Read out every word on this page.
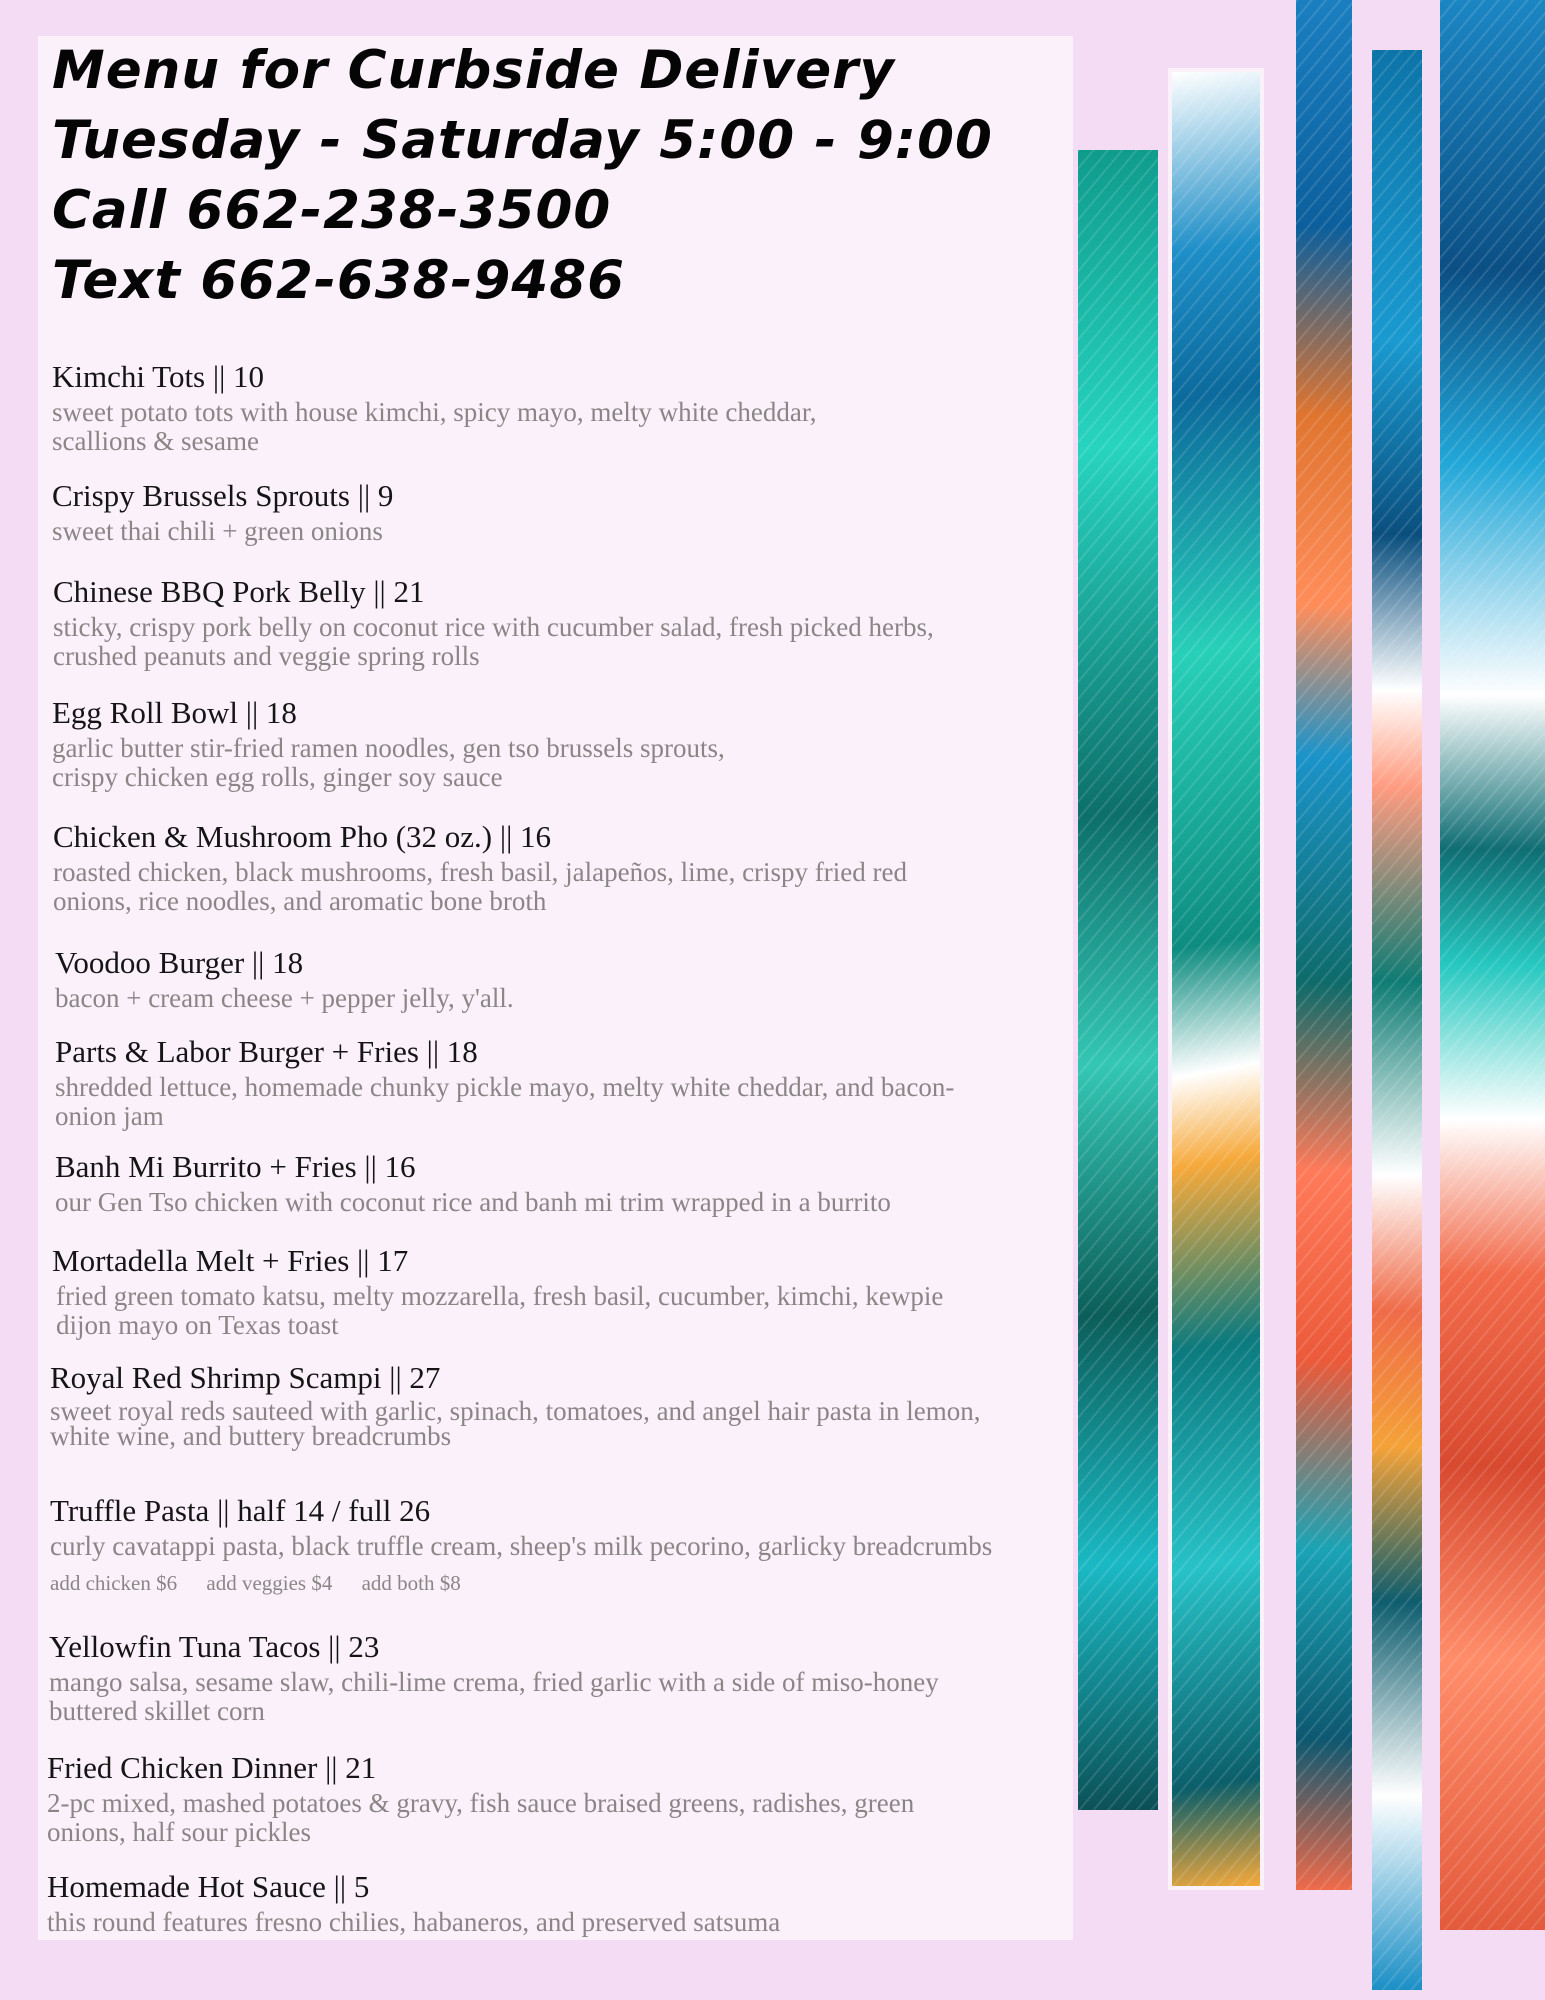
Menu for Curbside Delivery
Tuesday - Saturday 5:00 - 9:00
Call 662-238-3500
Text 662-638-9486
Kimchi Tots || 10
sweet potato tots with house kimchi, spicy mayo, melty white cheddar,
scallions & sesame
Crispy Brussels Sprouts || 9
sweet thai chili + green onions
Chinese BBQ Pork Belly || 21
sticky, crispy pork belly on coconut rice with cucumber salad, fresh picked herbs,
crushed peanuts and veggie spring rolls
Egg Roll Bowl || 18
garlic butter stir-fried ramen noodles, gen tso brussels sprouts,
crispy chicken egg rolls, ginger soy sauce
Chicken & Mushroom Pho (32 oz.) || 16
roasted chicken, black mushrooms, fresh basil, jalapeños, lime, crispy fried red
onions, rice noodles, and aromatic bone broth
Voodoo Burger || 18
bacon + cream cheese + pepper jelly, y'all.
Parts & Labor Burger + Fries || 18
shredded lettuce, homemade chunky pickle mayo, melty white cheddar, and bacon-
onion jam
Banh Mi Burrito + Fries || 16
our Gen Tso chicken with coconut rice and banh mi trim wrapped in a burrito
Mortadella Melt + Fries || 17
fried green tomato katsu, melty mozzarella, fresh basil, cucumber, kimchi, kewpie
dijon mayo on Texas toast
Royal Red Shrimp Scampi || 27
sweet royal reds sauteed with garlic, spinach, tomatoes, and angel hair pasta in lemon,
white wine, and buttery breadcrumbs
Truffle Pasta || half 14 / full 26
curly cavatappi pasta, black truffle cream, sheep's milk pecorino, garlicky breadcrumbs
add chicken $6 add veggies $4 add both $8
Yellowfin Tuna Tacos || 23
mango salsa, sesame slaw, chili-lime crema, fried garlic with a side of miso-honey
buttered skillet corn
Fried Chicken Dinner || 21
2-pc mixed, mashed potatoes & gravy, fish sauce braised greens, radishes, green
onions, half sour pickles
Homemade Hot Sauce || 5
this round features fresno chilies, habaneros, and preserved satsuma
